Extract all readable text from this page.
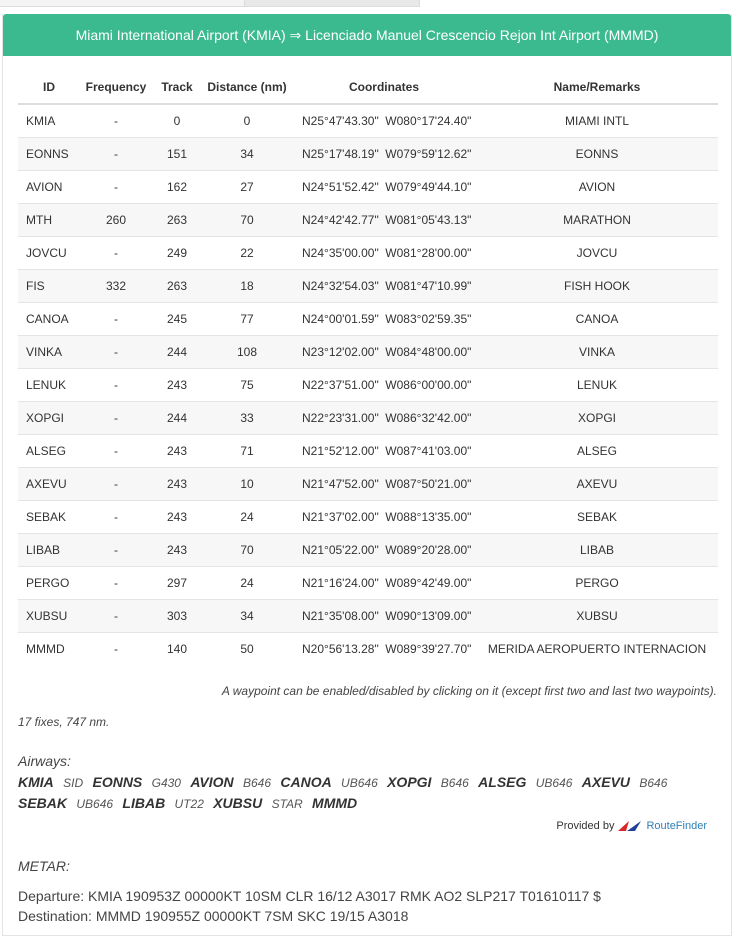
Miami International Airport (KMIA) ⇒ Licenciado Manuel Crescencio Rejon Int Airport (MMMD)
ID	Frequency	Track	Distance (nm)	Coordinates		Name/Remarks
KMIA	-	0	0	N25°47'43.30"	W080°17'24.40"	MIAMI INTL
EONNS	-	151	34	N25°17'48.19"	W079°59'12.62"	EONNS
AVION	-	162	27	N24°51'52.42"	W079°49'44.10"	AVION
MTH	260	263	70	N24°42'42.77"	W081°05'43.13"	MARATHON
JOVCU	-	249	22	N24°35'00.00"	W081°28'00.00"	JOVCU
FIS	332	263	18	N24°32'54.03"	W081°47'10.99"	FISH HOOK
CANOA	-	245	77	N24°00'01.59"	W083°02'59.35"	CANOA
VINKA	-	244	108	N23°12'02.00"	W084°48'00.00"	VINKA
LENUK	-	243	75	N22°37'51.00"	W086°00'00.00"	LENUK
XOPGI	-	244	33	N22°23'31.00"	W086°32'42.00"	XOPGI
ALSEG	-	243	71	N21°52'12.00"	W087°41'03.00"	ALSEG
AXEVU	-	243	10	N21°47'52.00"	W087°50'21.00"	AXEVU
SEBAK	-	243	24	N21°37'02.00"	W088°13'35.00"	SEBAK
LIBAB	-	243	70	N21°05'22.00"	W089°20'28.00"	LIBAB
PERGO	-	297	24	N21°16'24.00"	W089°42'49.00"	PERGO
XUBSU	-	303	34	N21°35'08.00"	W090°13'09.00"	XUBSU
MMMD	-	140	50	N20°56'13.28"	W089°39'27.70"	MERIDA AEROPUERTO INTERNACION
A waypoint can be enabled/disabled by clicking on it (except first two and last two waypoints).
17 fixes, 747 nm.
Airways:
KMIA SID EONNS G430 AVION B646 CANOA UB646 XOPGI B646 ALSEG UB646 AXEVU B646 SEBAK UB646 LIBAB UT22 XUBSU STAR MMMD
Provided by	RouteFinder
METAR:
Departure: KMIA 190953Z 00000KT 10SM CLR 16/12 A3017 RMK AO2 SLP217 T01610117 $
Destination: MMMD 190955Z 00000KT 7SM SKC 19/15 A3018
